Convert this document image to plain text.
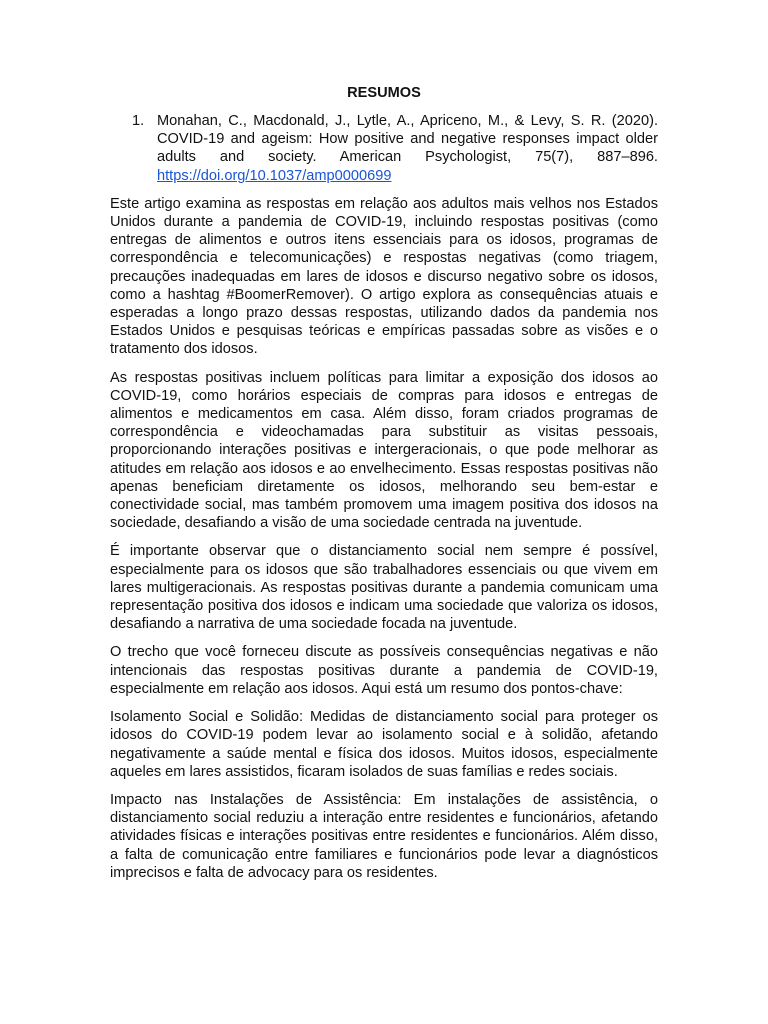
RESUMOS
1. Monahan, C., Macdonald, J., Lytle, A., Apriceno, M., & Levy, S. R. (2020). COVID-19 and ageism: How positive and negative responses impact older adults and society. American Psychologist, 75(7), 887–896. https://doi.org/10.1037/amp0000699

Este artigo examina as respostas em relação aos adultos mais velhos nos Estados Unidos durante a pandemia de COVID-19, incluindo respostas positivas (como entregas de alimentos e outros itens essenciais para os idosos, programas de correspondência e telecomunicações) e respostas negativas (como triagem, precauções inadequadas em lares de idosos e discurso negativo sobre os idosos, como a hashtag #BoomerRemover). O artigo explora as consequências atuais e esperadas a longo prazo dessas respostas, utilizando dados da pandemia nos Estados Unidos e pesquisas teóricas e empíricas passadas sobre as visões e o tratamento dos idosos.

As respostas positivas incluem políticas para limitar a exposição dos idosos ao COVID-19, como horários especiais de compras para idosos e entregas de alimentos e medicamentos em casa. Além disso, foram criados programas de correspondência e videochamadas para substituir as visitas pessoais, proporcionando interações positivas e intergeracionais, o que pode melhorar as atitudes em relação aos idosos e ao envelhecimento. Essas respostas positivas não apenas beneficiam diretamente os idosos, melhorando seu bem-estar e conectividade social, mas também promovem uma imagem positiva dos idosos na sociedade, desafiando a visão de uma sociedade centrada na juventude.

É importante observar que o distanciamento social nem sempre é possível, especialmente para os idosos que são trabalhadores essenciais ou que vivem em lares multigeracionais. As respostas positivas durante a pandemia comunicam uma representação positiva dos idosos e indicam uma sociedade que valoriza os idosos, desafiando a narrativa de uma sociedade focada na juventude.

O trecho que você forneceu discute as possíveis consequências negativas e não intencionais das respostas positivas durante a pandemia de COVID-19, especialmente em relação aos idosos. Aqui está um resumo dos pontos-chave:

Isolamento Social e Solidão: Medidas de distanciamento social para proteger os idosos do COVID-19 podem levar ao isolamento social e à solidão, afetando negativamente a saúde mental e física dos idosos. Muitos idosos, especialmente aqueles em lares assistidos, ficaram isolados de suas famílias e redes sociais.

Impacto nas Instalações de Assistência: Em instalações de assistência, o distanciamento social reduziu a interação entre residentes e funcionários, afetando atividades físicas e interações positivas entre residentes e funcionários. Além disso, a falta de comunicação entre familiares e funcionários pode levar a diagnósticos imprecisos e falta de advocacy para os residentes.
